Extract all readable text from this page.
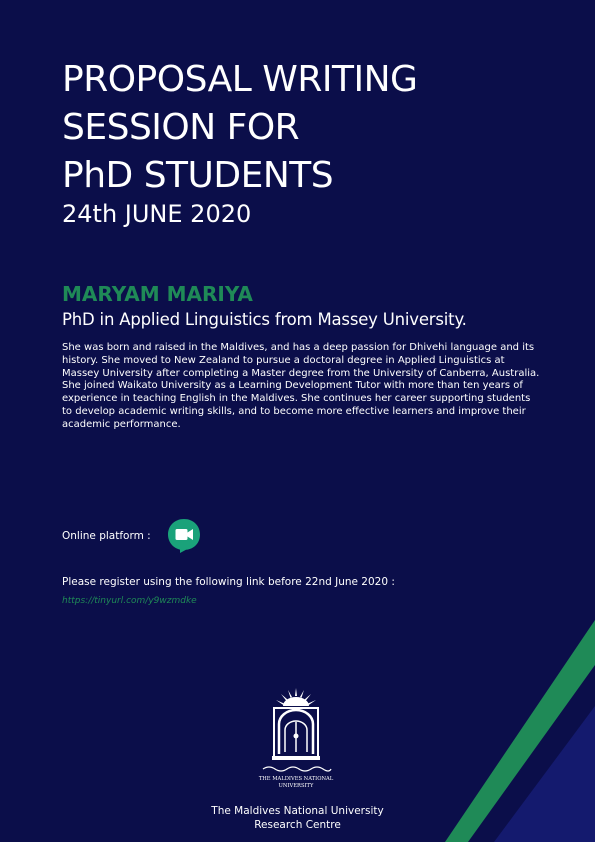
PROPOSAL WRITING
SESSION FOR
PhD STUDENTS
24th JUNE 2020
MARYAM MARIYA
PhD in Applied Linguistics from Massey University.
She was born and raised in the Maldives, and has a deep passion for Dhivehi language and its history. She moved to New Zealand to pursue a doctoral degree in Applied Linguistics at Massey University after completing a Master degree from the University of Canberra, Australia. She joined Waikato University as a Learning Development Tutor with more than ten years of experience in teaching English in the Maldives. She continues her career supporting students to develop academic writing skills, and to become more effective learners and improve their academic performance.
Online platform :
Please register using the following link before 22nd June 2020 :
https://tinyurl.com/y9wzmdke
THE MALDIVES NATIONAL
UNIVERSITY
The Maldives National University
Research Centre
